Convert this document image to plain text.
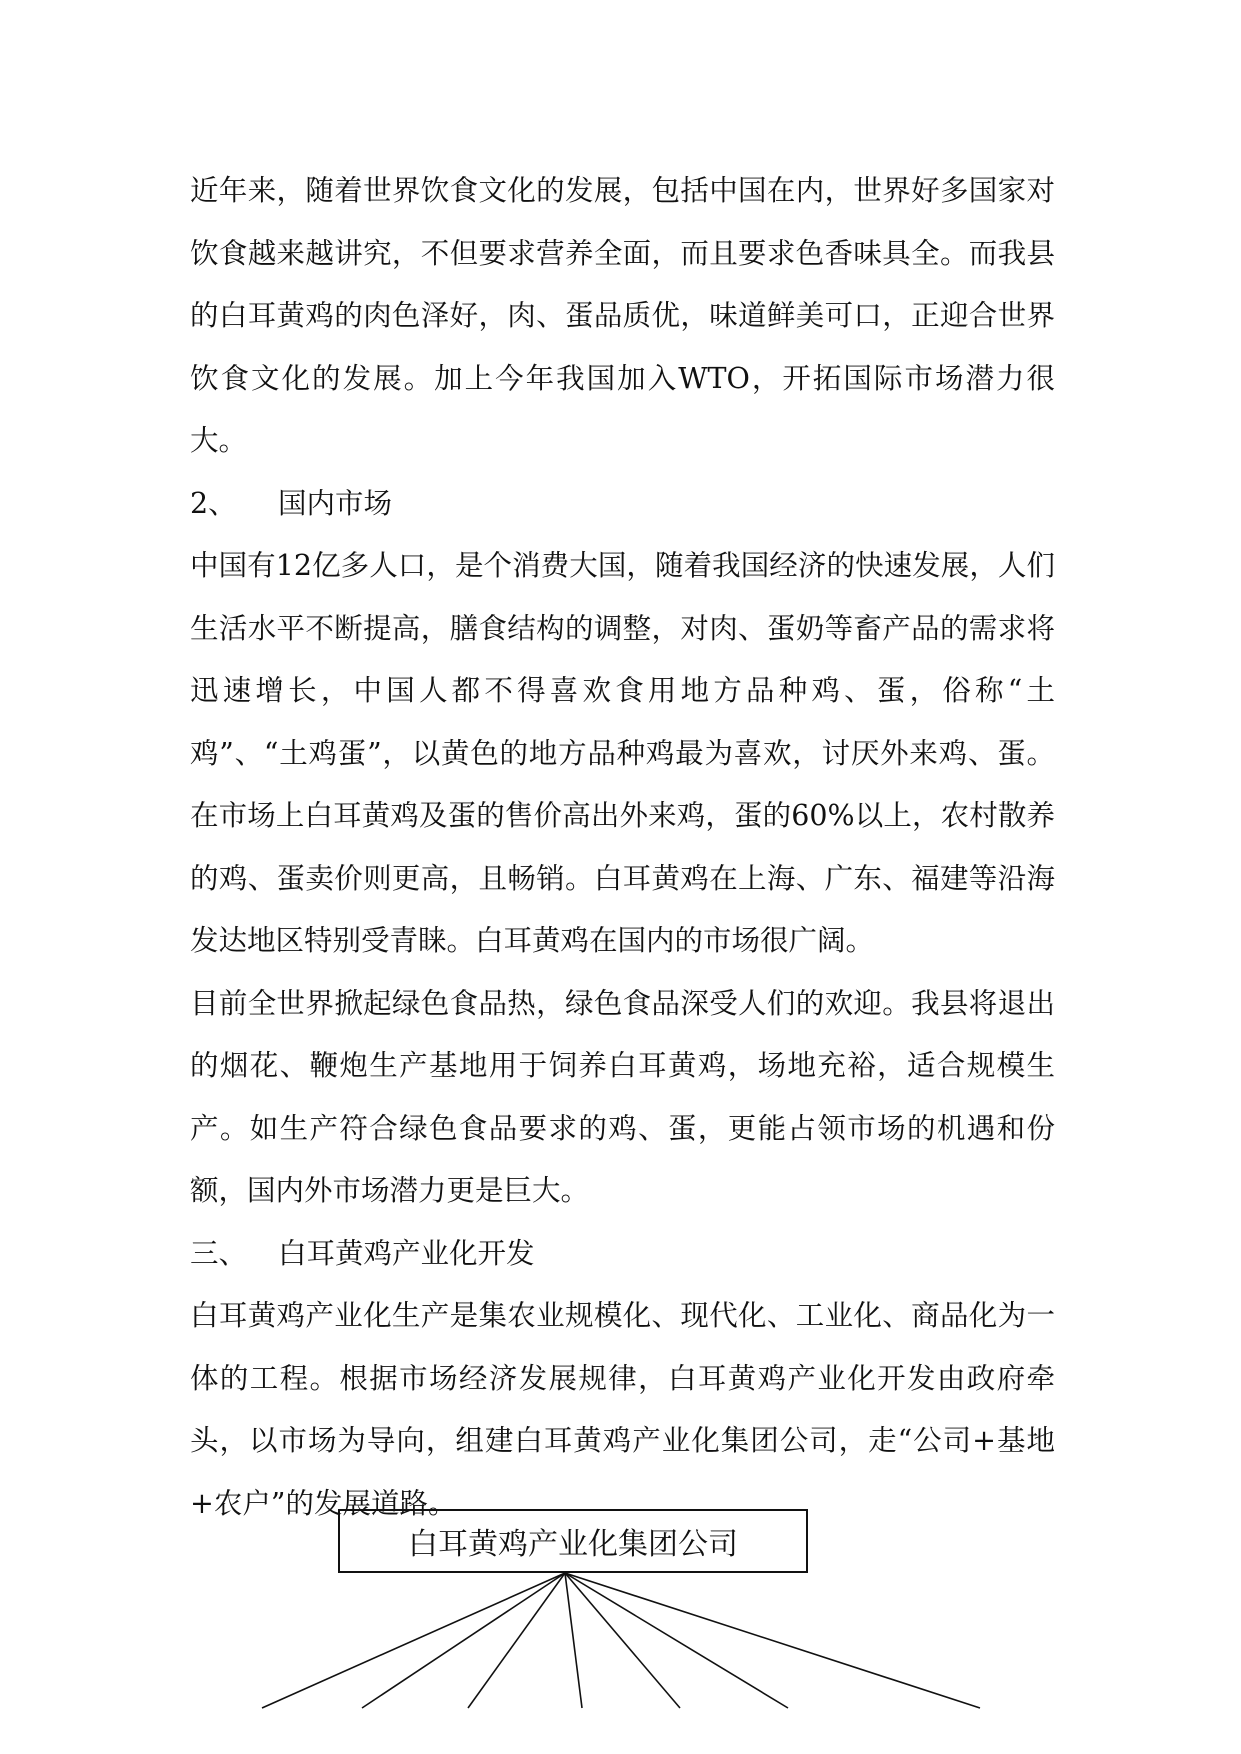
近年来，随着世界饮食文化的发展，包括中国在内，世界好多国家对饮食越来越讲究，不但要求营养全面，而且要求色香味具全。而我县的白耳黄鸡的肉色泽好，肉、蛋品质优，味道鲜美可口，正迎合世界饮食文化的发展。加上今年我国加入WTO，开拓国际市场潜力很大。

2、 国内市场

中国有12亿多人口，是个消费大国，随着我国经济的快速发展，人们生活水平不断提高，膳食结构的调整，对肉、蛋奶等畜产品的需求将迅速增长，中国人都不得喜欢食用地方品种鸡、蛋，俗称“土鸡”、“土鸡蛋”，以黄色的地方品种鸡最为喜欢，讨厌外来鸡、蛋。在市场上白耳黄鸡及蛋的售价高出外来鸡，蛋的60%以上，农村散养的鸡、蛋卖价则更高，且畅销。白耳黄鸡在上海、广东、福建等沿海发达地区特别受青睐。白耳黄鸡在国内的市场很广阔。

目前全世界掀起绿色食品热，绿色食品深受人们的欢迎。我县将退出的烟花、鞭炮生产基地用于饲养白耳黄鸡，场地充裕，适合规模生产。如生产符合绿色食品要求的鸡、蛋，更能占领市场的机遇和份额，国内外市场潜力更是巨大。

三、 白耳黄鸡产业化开发

白耳黄鸡产业化生产是集农业规模化、现代化、工业化、商品化为一体的工程。根据市场经济发展规律，白耳黄鸡产业化开发由政府牵头，以市场为导向，组建白耳黄鸡产业化集团公司，走“公司+基地+农户”的发展道路。

白耳黄鸡产业化集团公司
